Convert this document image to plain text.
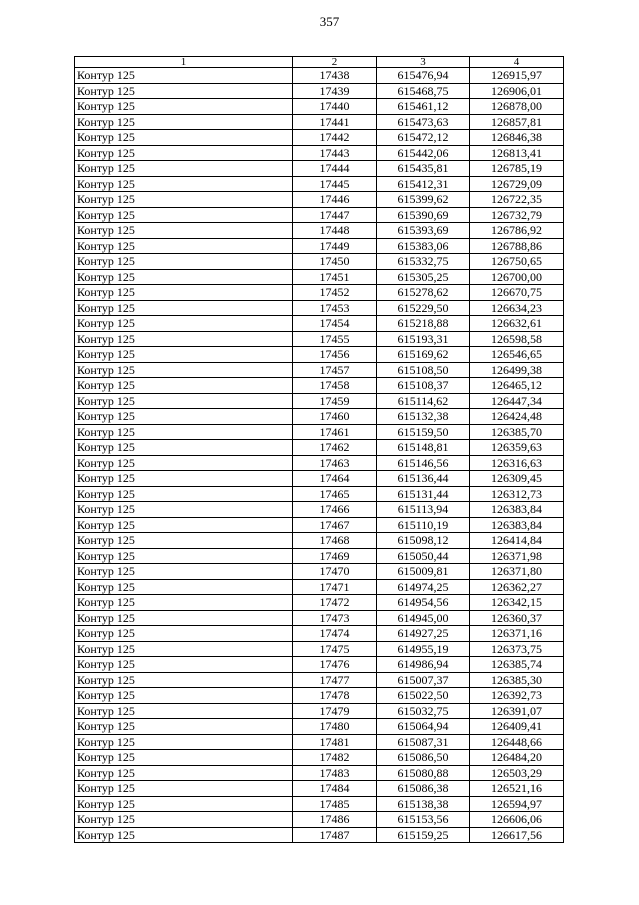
357
1	2	3	4
Контур 125	17438	615476,94	126915,97
Контур 125	17439	615468,75	126906,01
Контур 125	17440	615461,12	126878,00
Контур 125	17441	615473,63	126857,81
Контур 125	17442	615472,12	126846,38
Контур 125	17443	615442,06	126813,41
Контур 125	17444	615435,81	126785,19
Контур 125	17445	615412,31	126729,09
Контур 125	17446	615399,62	126722,35
Контур 125	17447	615390,69	126732,79
Контур 125	17448	615393,69	126786,92
Контур 125	17449	615383,06	126788,86
Контур 125	17450	615332,75	126750,65
Контур 125	17451	615305,25	126700,00
Контур 125	17452	615278,62	126670,75
Контур 125	17453	615229,50	126634,23
Контур 125	17454	615218,88	126632,61
Контур 125	17455	615193,31	126598,58
Контур 125	17456	615169,62	126546,65
Контур 125	17457	615108,50	126499,38
Контур 125	17458	615108,37	126465,12
Контур 125	17459	615114,62	126447,34
Контур 125	17460	615132,38	126424,48
Контур 125	17461	615159,50	126385,70
Контур 125	17462	615148,81	126359,63
Контур 125	17463	615146,56	126316,63
Контур 125	17464	615136,44	126309,45
Контур 125	17465	615131,44	126312,73
Контур 125	17466	615113,94	126383,84
Контур 125	17467	615110,19	126383,84
Контур 125	17468	615098,12	126414,84
Контур 125	17469	615050,44	126371,98
Контур 125	17470	615009,81	126371,80
Контур 125	17471	614974,25	126362,27
Контур 125	17472	614954,56	126342,15
Контур 125	17473	614945,00	126360,37
Контур 125	17474	614927,25	126371,16
Контур 125	17475	614955,19	126373,75
Контур 125	17476	614986,94	126385,74
Контур 125	17477	615007,37	126385,30
Контур 125	17478	615022,50	126392,73
Контур 125	17479	615032,75	126391,07
Контур 125	17480	615064,94	126409,41
Контур 125	17481	615087,31	126448,66
Контур 125	17482	615086,50	126484,20
Контур 125	17483	615080,88	126503,29
Контур 125	17484	615086,38	126521,16
Контур 125	17485	615138,38	126594,97
Контур 125	17486	615153,56	126606,06
Контур 125	17487	615159,25	126617,56
